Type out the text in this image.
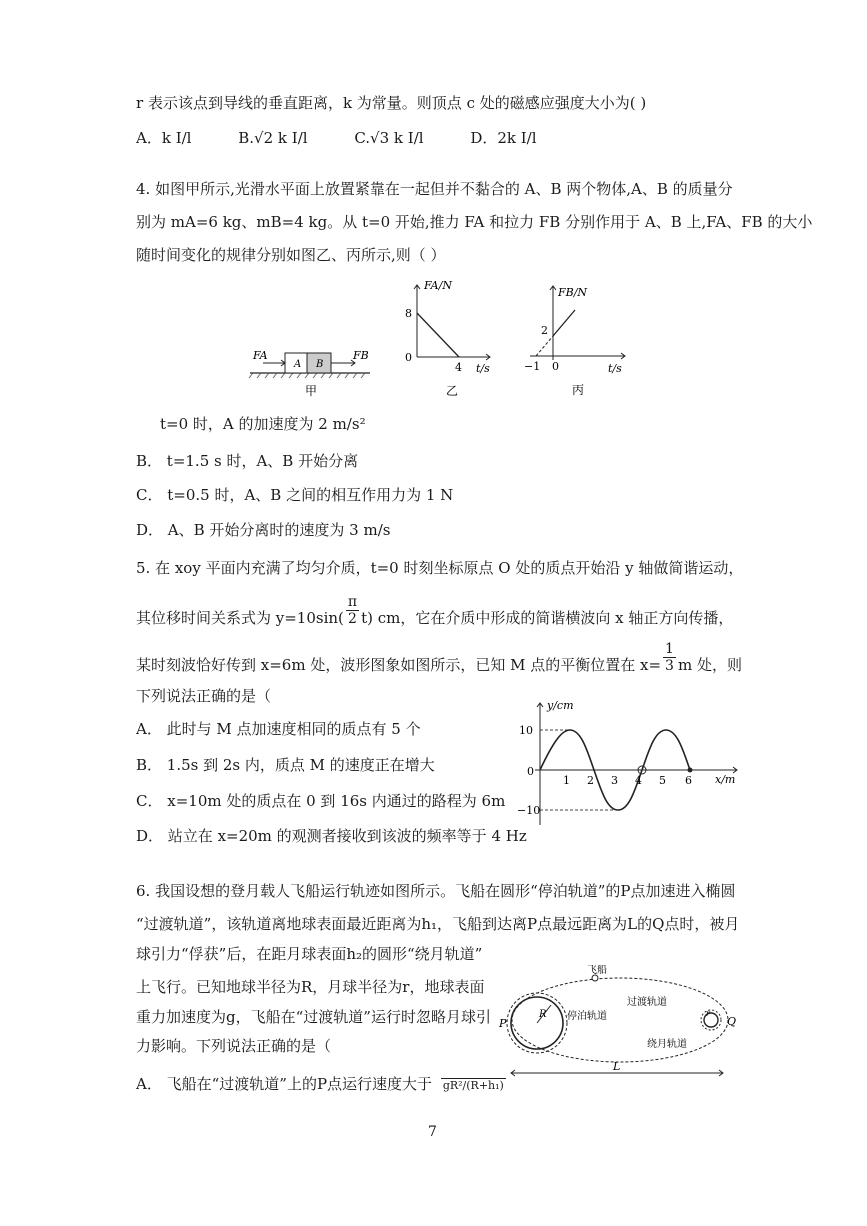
r 表示该点到导线的垂直距离，k 为常量。则顶点 c 处的磁感应强度大小为( )
A．k I/l	B.√2 k I/l	C.√3 k I/l	D．2k I/l
4. 如图甲所示,光滑水平面上放置紧靠在一起但并不黏合的 A、B 两个物体,A、B 的质量分
别为 mA=6 kg、mB=4 kg。从 t=0 开始,推力 FA 和拉力 FB 分别作用于 A、B 上,FA、FB 的大小
随时间变化的规律分别如图乙、丙所示,则（ ）
A B
FA	FB
甲
FA/N
8
0
4 t/s
乙
FB/N
2
−1 0	t/s
丙
t=0 时，A 的加速度为 2 m/s²
B． t=1.5 s 时，A、B 开始分离
C． t=0.5 时，A、B 之间的相互作用力为 1 N
D． A、B 开始分离时的速度为 3 m/s
5. 在 xoy 平面内充满了均匀介质，t=0 时刻坐标原点 O 处的质点开始沿 y 轴做简谐运动，
其位移时间关系式为 $y=10\sin( \frac{\pi}{2} t)$ cm，它在介质中形成的简谐横波向 x 轴正方向传播，
某时刻波恰好传到 x=6m 处，波形图象如图所示，已知 M 点的平衡位置在 $x= \frac{1}{3}$ m 处，则
下列说法正确的是（
A． 此时与 M 点加速度相同的质点有 5 个
B． 1.5s 到 2s 内，质点 M 的速度正在增大
C． x=10m 处的质点在 0 到 16s 内通过的路程为 6m
D． 站立在 x=20m 的观测者接收到该波的频率等于 4 Hz
y/cm
10
−10
0
1 2 3 4 5 6 x/m
6. 我国设想的登月载人飞船运行轨迹如图所示。飞船在圆形“停泊轨道”的P点加速进入椭圆
“过渡轨道”，该轨道离地球表面最近距离为h₁，飞船到达离P点最远距离为L的Q点时，被月
球引力“俘获”后，在距月球表面h₂的圆形“绕月轨道”
上飞行。已知地球半径为R，月球半径为r，地球表面
重力加速度为g，飞船在“过渡轨道”运行时忽略月球引
力影响。下列说法正确的是（
A． 飞船在“过渡轨道”上的P点运行速度大于 gR²/(R+h₁)
R	r
飞船
过渡轨道
停泊轨道
绕月轨道
P	Q
L
7
